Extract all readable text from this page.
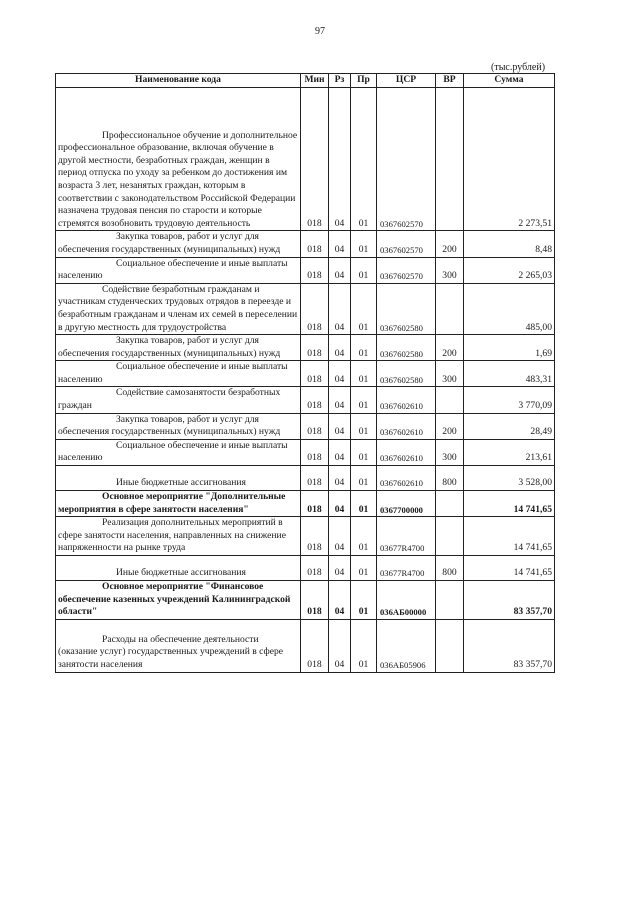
97
(тыс.рублей)
Наименование кода	Мин	Рз	Пр	ЦСР	ВР	Сумма

Профессиональное обучение и дополнительное профессиональное образование, включая обучение в другой местности, безработных граждан, женщин в период отпуска по уходу за ребенком до достижения им возраста 3 лет, незанятых граждан, которым в соответствии с законодательством Российской Федерации назначена трудовая пенсия по старости и которые стремятся возобновить трудовую деятельность	018	04	01	0367602570		2 273,51
Закупка товаров, работ и услуг для обеспечения государственных (муниципальных) нужд	018	04	01	0367602570	200	8,48
Социальное обеспечение и иные выплаты населению	018	04	01	0367602570	300	2 265,03
Содействие безработным гражданам и участникам студенческих трудовых отрядов в переезде и безработным гражданам и членам их семей в переселении в другую местность для трудоустройства	018	04	01	0367602580		485,00
Закупка товаров, работ и услуг для обеспечения государственных (муниципальных) нужд	018	04	01	0367602580	200	1,69
Социальное обеспечение и иные выплаты населению	018	04	01	0367602580	300	483,31
Содействие самозанятости безработных граждан	018	04	01	0367602610		3 770,09
Закупка товаров, работ и услуг для обеспечения государственных (муниципальных) нужд	018	04	01	0367602610	200	28,49
Социальное обеспечение и иные выплаты населению	018	04	01	0367602610	300	213,61
Иные бюджетные ассигнования	018	04	01	0367602610	800	3 528,00
Основное мероприятие "Дополнительные мероприятия в сфере занятости населения"	018	04	01	0367700000		14 741,65
Реализация дополнительных мероприятий в сфере занятости населения, направленных на снижение напряженности на рынке труда	018	04	01	03677R4700		14 741,65
Иные бюджетные ассигнования	018	04	01	03677R4700	800	14 741,65
Основное мероприятие "Финансовое обеспечение казенных учреждений Калининградской области"	018	04	01	036АБ00000		83 357,70
Расходы на обеспечение деятельности (оказание услуг) государственных учреждений в сфере занятости населения	018	04	01	036АБ05906		83 357,70
